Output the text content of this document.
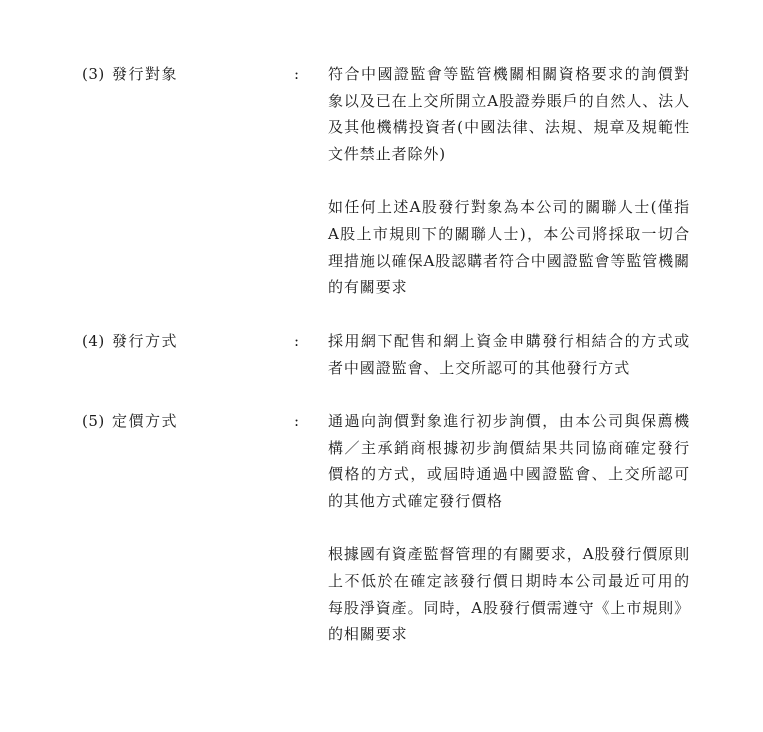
(3) 發行對象	: 符合中國證監會等監管機關相關資格要求的詢價對象以及已在上交所開立A股證券賬戶的自然人、法人及其他機構投資者(中國法律、法規、規章及規範性文件禁止者除外)

如任何上述A股發行對象為本公司的關聯人士(僅指A股上市規則下的關聯人士)，本公司將採取一切合理措施以確保A股認購者符合中國證監會等監管機關的有關要求

(4) 發行方式	: 採用網下配售和網上資金申購發行相結合的方式或者中國證監會、上交所認可的其他發行方式

(5) 定價方式	: 通過向詢價對象進行初步詢價，由本公司與保薦機構／主承銷商根據初步詢價結果共同協商確定發行價格的方式，或屆時通過中國證監會、上交所認可的其他方式確定發行價格

根據國有資產監督管理的有關要求，A股發行價原則上不低於在確定該發行價日期時本公司最近可用的每股淨資產。同時，A股發行價需遵守《上市規則》的相關要求
